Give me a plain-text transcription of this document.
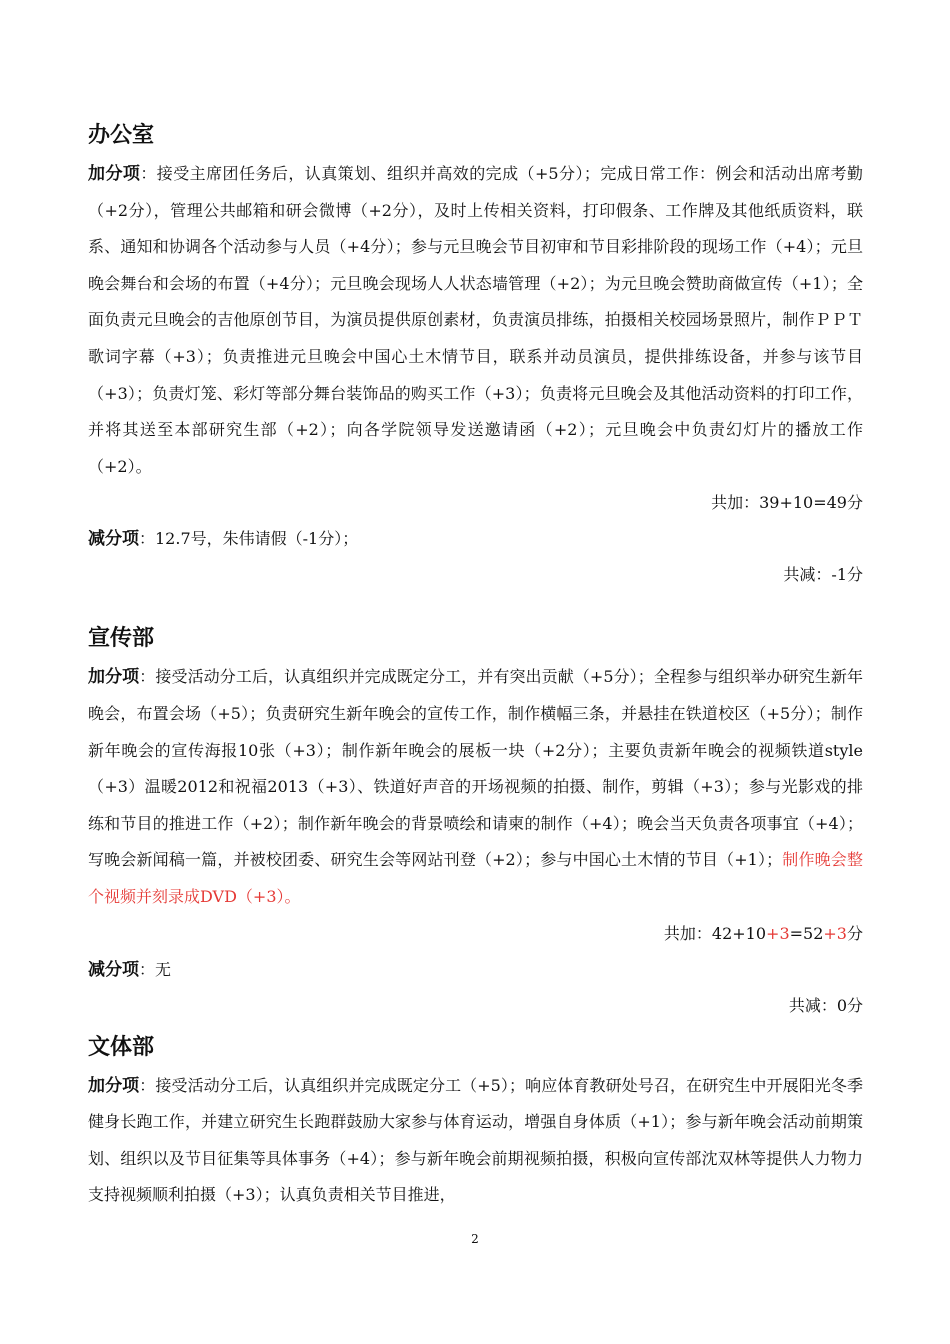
办公室

加分项：接受主席团任务后，认真策划、组织并高效的完成（+5分）；完成日常工作：例会和活动出席考勤（+2分），管理公共邮箱和研会微博（+2分），及时上传相关资料，打印假条、工作牌及其他纸质资料，联系、通知和协调各个活动参与人员（+4分）；参与元旦晚会节目初审和节目彩排阶段的现场工作（+4）；元旦晚会舞台和会场的布置（+4分）；元旦晚会现场人人状态墙管理（+2）；为元旦晚会赞助商做宣传（+1）；全面负责元旦晚会的吉他原创节目，为演员提供原创素材，负责演员排练，拍摄相关校园场景照片，制作ＰＰＴ歌词字幕（+3）；负责推进元旦晚会中国心土木情节目，联系并动员演员，提供排练设备，并参与该节目（+3）；负责灯笼、彩灯等部分舞台装饰品的购买工作（+3）；负责将元旦晚会及其他活动资料的打印工作，并将其送至本部研究生部（+2）；向各学院领导发送邀请函（+2）；元旦晚会中负责幻灯片的播放工作（+2）。

共加：39+10=49分

减分项：12.7号，朱伟请假（-1分）；

共减：-1分

宣传部

加分项：接受活动分工后，认真组织并完成既定分工，并有突出贡献（+5分）；全程参与组织举办研究生新年晚会，布置会场（+5）；负责研究生新年晚会的宣传工作，制作横幅三条，并悬挂在铁道校区（+5分）；制作新年晚会的宣传海报10张（+3）；制作新年晚会的展板一块（+2分）；主要负责新年晚会的视频铁道style（+3）温暖2012和祝福2013（+3）、铁道好声音的开场视频的拍摄、制作，剪辑（+3）；参与光影戏的排练和节目的推进工作（+2）；制作新年晚会的背景喷绘和请柬的制作（+4）；晚会当天负责各项事宜（+4）；写晚会新闻稿一篇，并被校团委、研究生会等网站刊登（+2）；参与中国心土木情的节目（+1）；制作晚会整个视频并刻录成DVD（+3）。

共加：42+10+3=52+3分

减分项：无

共减：0分

文体部

加分项：接受活动分工后，认真组织并完成既定分工（+5）；响应体育教研处号召，在研究生中开展阳光冬季健身长跑工作，并建立研究生长跑群鼓励大家参与体育运动，增强自身体质（+1）；参与新年晚会活动前期策划、组织以及节目征集等具体事务（+4）；参与新年晚会前期视频拍摄，积极向宣传部沈双林等提供人力物力支持视频顺利拍摄（+3）；认真负责相关节目推进，

2
